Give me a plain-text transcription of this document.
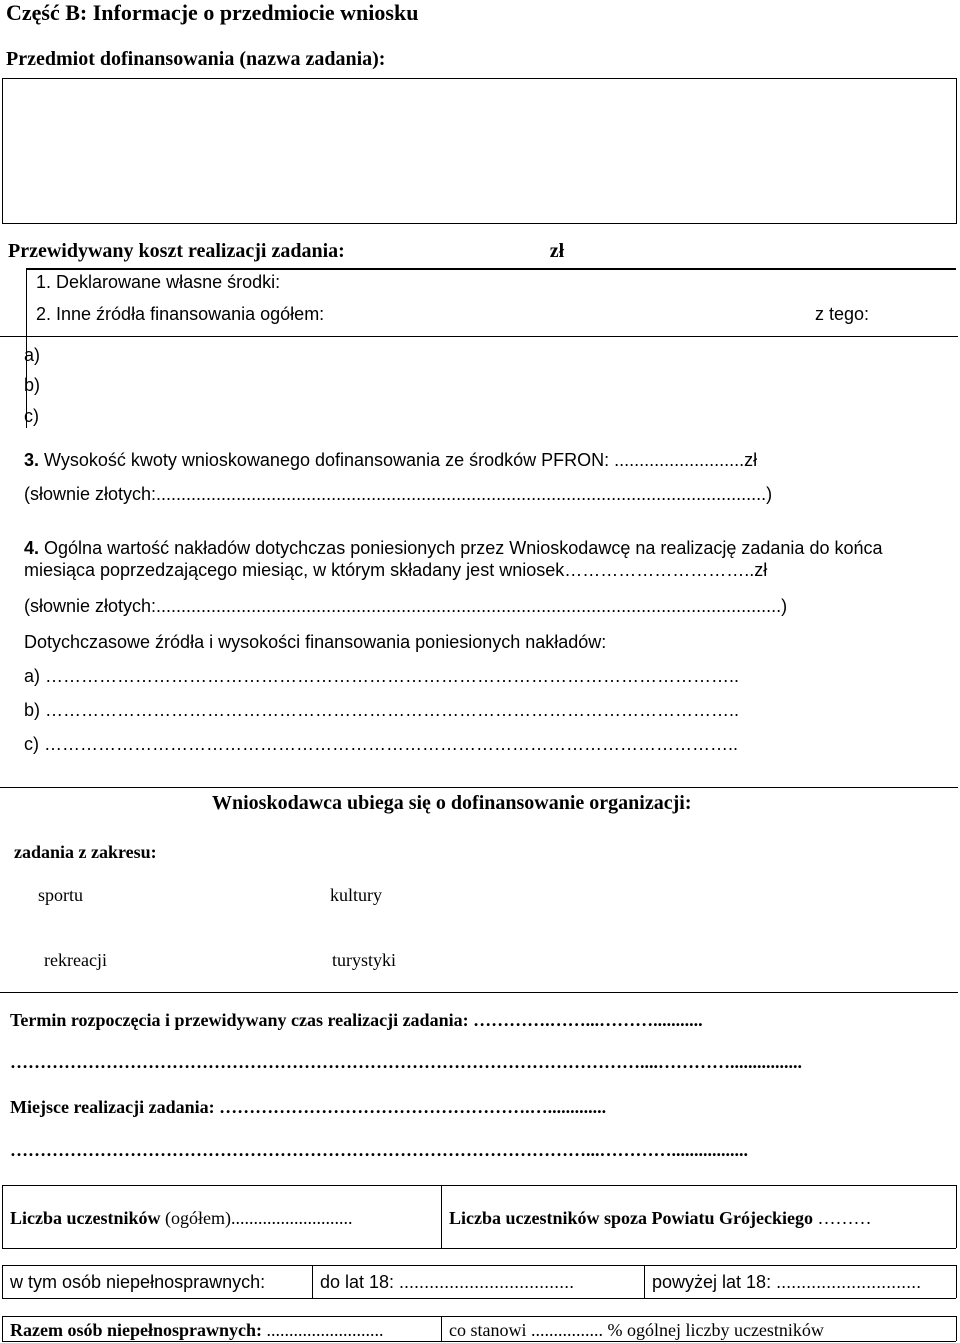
Część B: Informacje o przedmiocie wniosku
Przedmiot dofinansowania (nazwa zadania):
Przewidywany koszt realizacji zadania:	zł
1. Deklarowane własne środki:
2. Inne źródła finansowania ogółem:	z tego:
a)
b)
c)
3. Wysokość kwoty wnioskowanego dofinansowania ze środków PFRON: ..........................zł
(słownie złotych:..........................................................................................................................)
4. Ogólna wartość nakładów dotychczas poniesionych przez Wnioskodawcę na realizację zadania do końca
miesiąca poprzedzającego miesiąc, w którym składany jest wniosek…………………………..zł
(słownie złotych:.............................................................................................................................)
Dotychczasowe źródła i wysokości finansowania poniesionych nakładów:
a) ……………………………………………………………………………………………………..
b) ……………………………………………………………………………………………………..
c) ……………………………………………………………………………………………………..
Wnioskodawca ubiega się o dofinansowanie organizacji:
zadania z zakresu:
sportu	kultury
rekreacji	turystyki
Termin rozpoczęcia i przewidywany czas realizacji zadania: ………….……...………...........
……………………………………………………………………………………………....…………................
Miejsce realizacji zadania: …………………………………………….….............
……………………………………………………………………………………...………….................
Liczba uczestników (ogółem)...........................	Liczba uczestników spoza Powiatu Grójeckiego ………
w tym osób niepełnosprawnych:	do lat 18: ...................................	powyżej lat 18: .............................
Razem osób niepełnosprawnych: ..........................	co stanowi ................ % ogólnej liczby uczestników
